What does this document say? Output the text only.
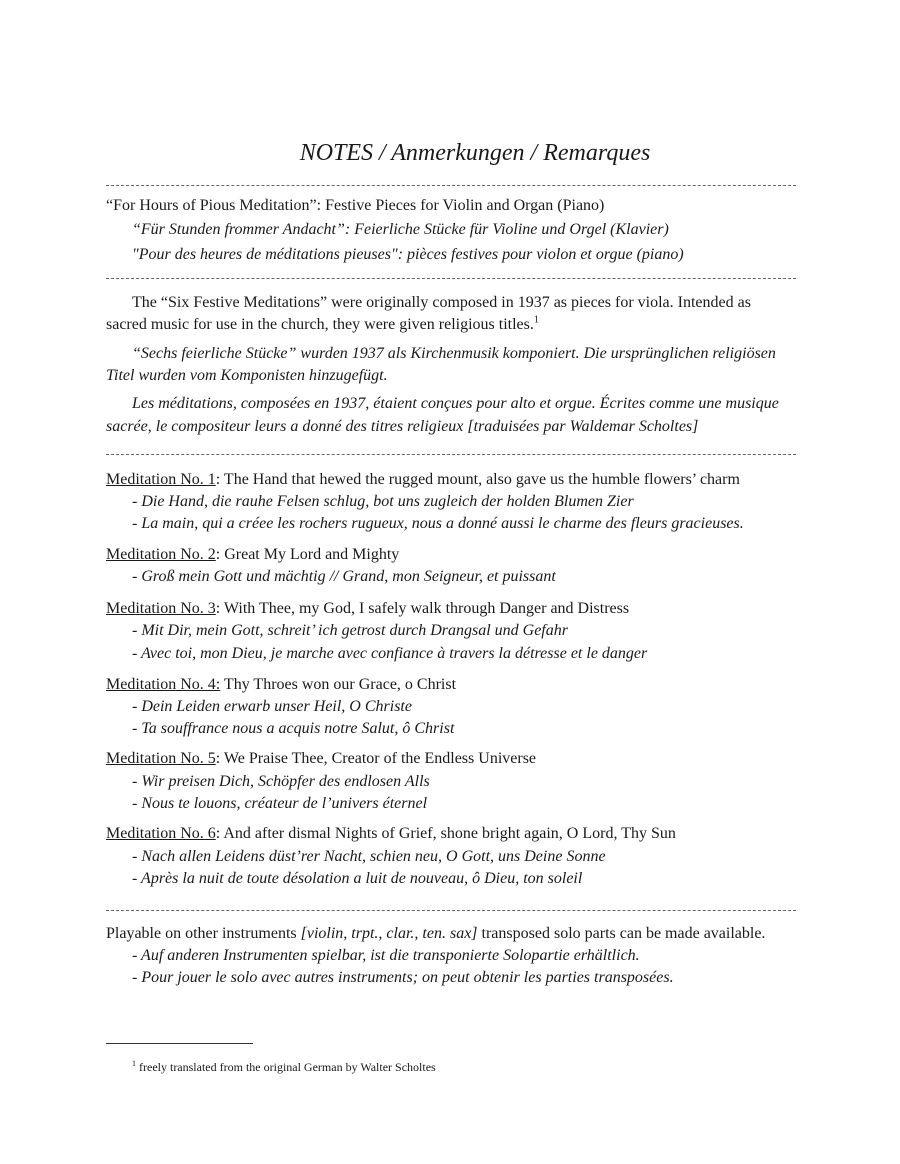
NOTES / Anmerkungen / Remarques
“For Hours of Pious Meditation”: Festive Pieces for Violin and Organ (Piano)
“Für Stunden frommer Andacht”: Feierliche Stücke für Violine und Orgel (Klavier)
"Pour des heures de méditations pieuses": pièces festives pour violon et orgue (piano)
The “Six Festive Meditations” were originally composed in 1937 as pieces for viola. Intended as
sacred music for use in the church, they were given religious titles.$^1$
“Sechs feierliche Stücke” wurden 1937 als Kirchenmusik komponiert. Die ursprünglichen religiösen
Titel wurden vom Komponisten hinzugefügt.
Les méditations, composées en 1937, étaient conçues pour alto et orgue. Écrites comme une musique
sacrée, le compositeur leurs a donné des titres religieux [traduisées par Waldemar Scholtes]
Meditation No. 1: The Hand that hewed the rugged mount, also gave us the humble flowers’ charm
- Die Hand, die rauhe Felsen schlug, bot uns zugleich der holden Blumen Zier
- La main, qui a créee les rochers rugueux, nous a donné aussi le charme des fleurs gracieuses.
Meditation No. 2: Great My Lord and Mighty
- Groß mein Gott und mächtig // Grand, mon Seigneur, et puissant
Meditation No. 3: With Thee, my God, I safely walk through Danger and Distress
- Mit Dir, mein Gott, schreit’ ich getrost durch Drangsal und Gefahr
- Avec toi, mon Dieu, je marche avec confiance à travers la détresse et le danger
Meditation No. 4: Thy Throes won our Grace, o Christ
- Dein Leiden erwarb unser Heil, O Christe
- Ta souffrance nous a acquis notre Salut, ô Christ
Meditation No. 5: We Praise Thee, Creator of the Endless Universe
- Wir preisen Dich, Schöpfer des endlosen Alls
- Nous te louons, créateur de l’univers éternel
Meditation No. 6: And after dismal Nights of Grief, shone bright again, O Lord, Thy Sun
- Nach allen Leidens düst’rer Nacht, schien neu, O Gott, uns Deine Sonne
- Après la nuit de toute désolation a luit de nouveau, ô Dieu, ton soleil
Playable on other instruments [violin, trpt., clar., ten. sax] transposed solo parts can be made available.
- Auf anderen Instrumenten spielbar, ist die transponierte Solopartie erhältlich.
- Pour jouer le solo avec autres instruments; on peut obtenir les parties transposées.
$^1$ freely translated from the original German by Walter Scholtes
